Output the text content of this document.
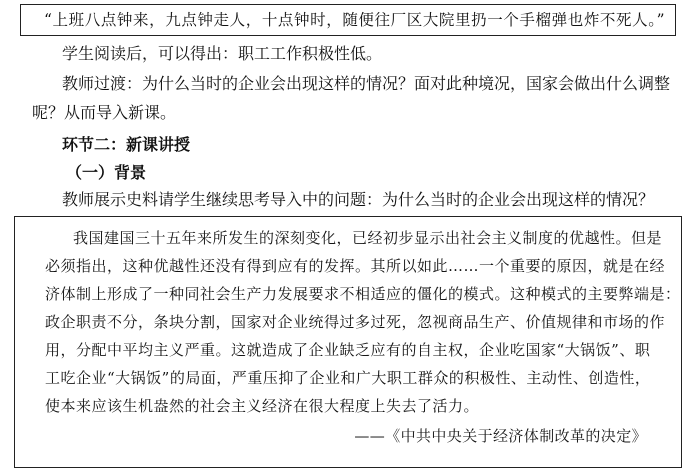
“上班八点钟来，九点钟走人，十点钟时，随便往厂区大院里扔一个手榴弹也炸不死人。”
学生阅读后，可以得出：职工工作积极性低。
教师过渡：为什么当时的企业会出现这样的情况？面对此种境况，国家会做出什么调整
呢？从而导入新课。
环节二：新课讲授
（一）背景
教师展示史料请学生继续思考导入中的问题：为什么当时的企业会出现这样的情况？
我国建国三十五年来所发生的深刻变化，已经初步显示出社会主义制度的优越性。但是
必须指出，这种优越性还没有得到应有的发挥。其所以如此……一个重要的原因，就是在经
济体制上形成了一种同社会生产力发展要求不相适应的僵化的模式。这种模式的主要弊端是：
政企职责不分，条块分割，国家对企业统得过多过死，忽视商品生产、价值规律和市场的作
用，分配中平均主义严重。这就造成了企业缺乏应有的自主权，企业吃国家“大锅饭”、职
工吃企业“大锅饭”的局面，严重压抑了企业和广大职工群众的积极性、主动性、创造性，
使本来应该生机盎然的社会主义经济在很大程度上失去了活力。
——《中共中央关于经济体制改革的决定》
